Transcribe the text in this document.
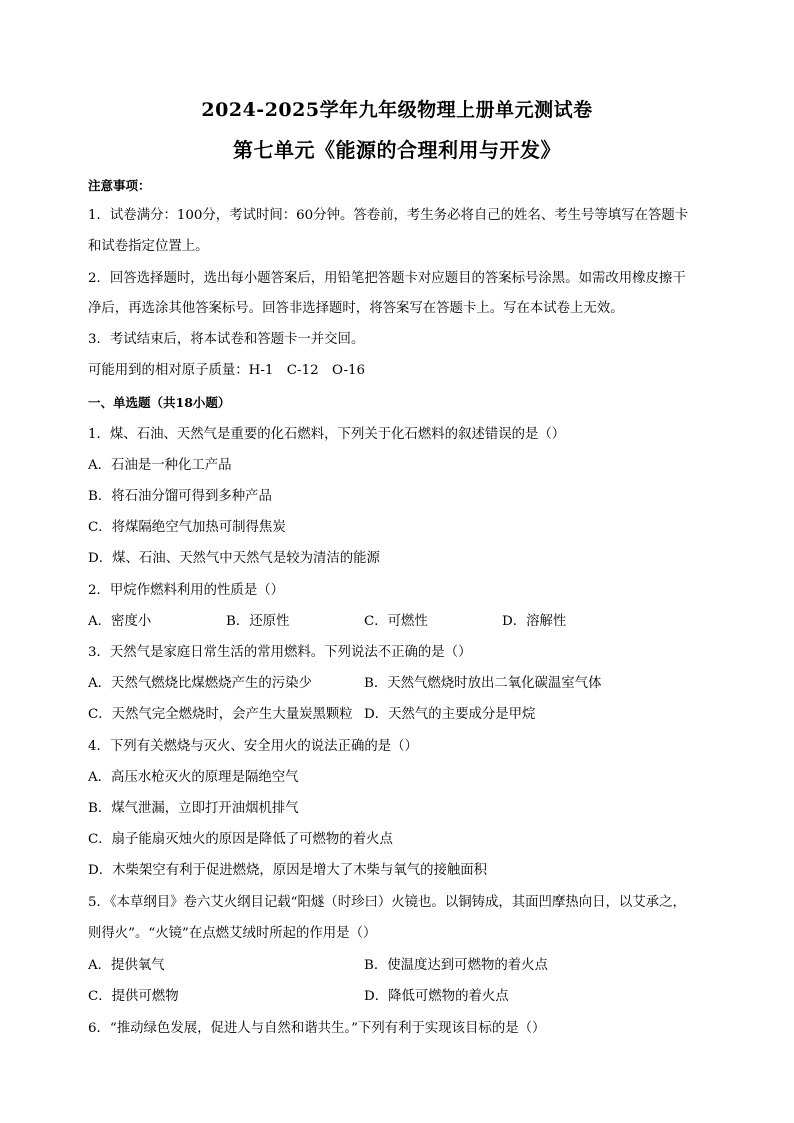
2024-2025学年九年级物理上册单元测试卷
第七单元《能源的合理利用与开发》
注意事项：
1．试卷满分：100分，考试时间：60分钟。答卷前，考生务必将自己的姓名、考生号等填写在答题卡
和试卷指定位置上。
2．回答选择题时，选出每小题答案后，用铅笔把答题卡对应题目的答案标号涂黑。如需改用橡皮擦干
净后，再选涂其他答案标号。回答非选择题时，将答案写在答题卡上。写在本试卷上无效。
3．考试结束后，将本试卷和答题卡一并交回。
可能用到的相对原子质量：H-1　C-12　O-16
一、单选题（共18小题）
1．煤、石油、天然气是重要的化石燃料，下列关于化石燃料的叙述错误的是（）
A．石油是一种化工产品
B．将石油分馏可得到多种产品
C．将煤隔绝空气加热可制得焦炭
D．煤、石油、天然气中天然气是较为清洁的能源
2．甲烷作燃料利用的性质是（）
A．密度小	B．还原性	C．可燃性	D．溶解性
3．天然气是家庭日常生活的常用燃料。下列说法不正确的是（）
A．天然气燃烧比煤燃烧产生的污染少	B．天然气燃烧时放出二氧化碳温室气体
C．天然气完全燃烧时，会产生大量炭黑颗粒 D．天然气的主要成分是甲烷
4．下列有关燃烧与灭火、安全用火的说法正确的是（）
A．高压水枪灭火的原理是隔绝空气
B．煤气泄漏，立即打开油烟机排气
C．扇子能扇灭烛火的原因是降低了可燃物的着火点
D．木柴架空有利于促进燃烧，原因是增大了木柴与氧气的接触面积
5．《本草纲目》卷六艾火纲目记载“阳燧（时珍曰）火镜也。以铜铸成，其面凹摩热向日，以艾承之，
则得火”。“火镜”在点燃艾绒时所起的作用是（）
A．提供氧气	B．使温度达到可燃物的着火点
C．提供可燃物	D．降低可燃物的着火点
6．“推动绿色发展，促进人与自然和谐共生。”下列有利于实现该目标的是（）
